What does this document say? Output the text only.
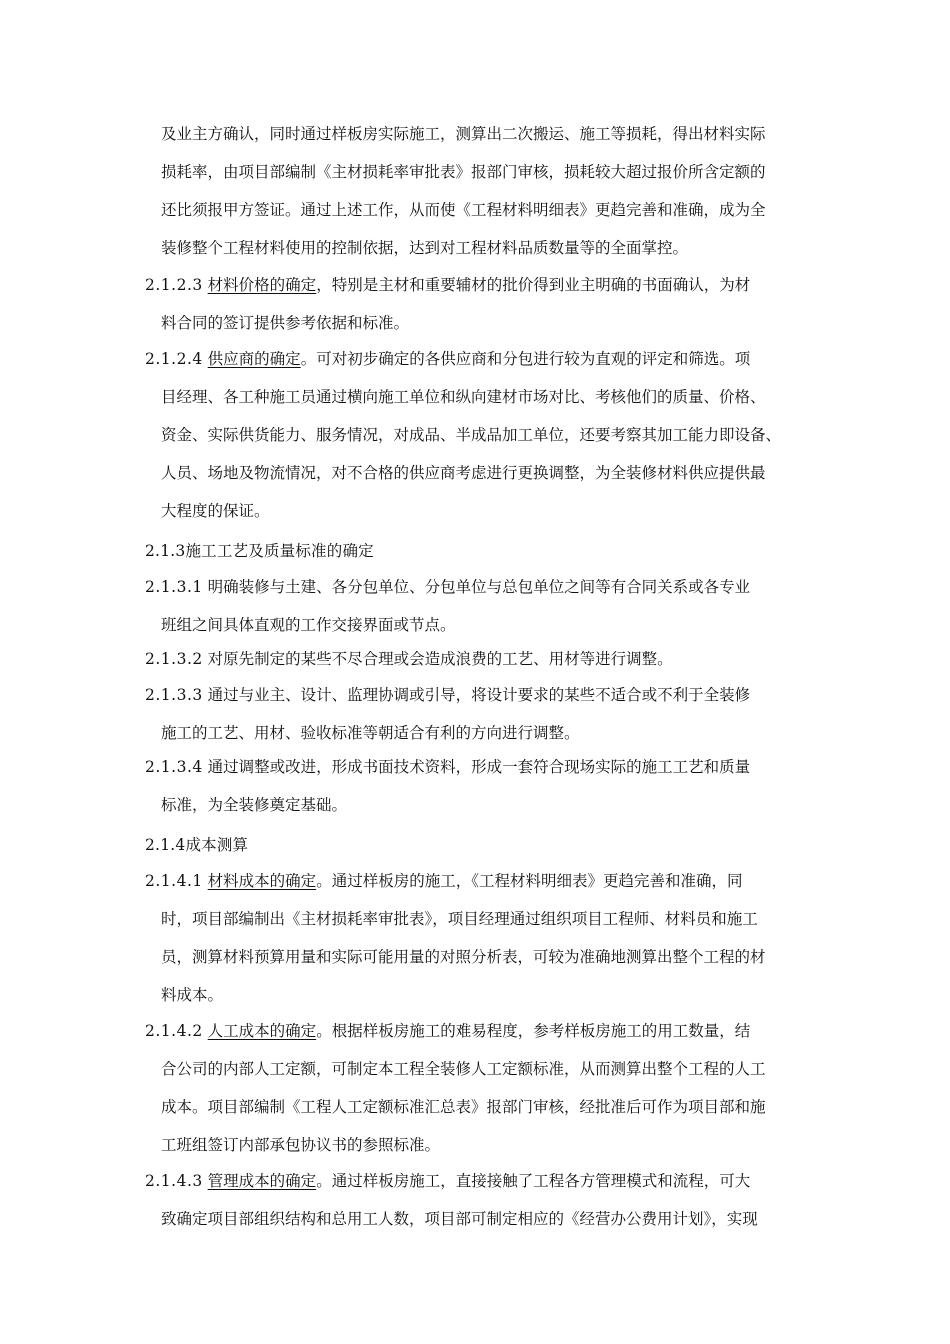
及业主方确认，同时通过样板房实际施工，测算出二次搬运、施工等损耗，得出材料实际
损耗率，由项目部编制《主材损耗率审批表》报部门审核，损耗较大超过报价所含定额的
还比须报甲方签证。通过上述工作，从而使《工程材料明细表》更趋完善和准确，成为全
装修整个工程材料使用的控制依据，达到对工程材料品质数量等的全面掌控。
2.1.2.3 材料价格的确定，特别是主材和重要辅材的批价得到业主明确的书面确认，为材
料合同的签订提供参考依据和标准。
2.1.2.4 供应商的确定。可对初步确定的各供应商和分包进行较为直观的评定和筛选。项
目经理、各工种施工员通过横向施工单位和纵向建材市场对比、考核他们的质量、价格、
资金、实际供货能力、服务情况，对成品、半成品加工单位，还要考察其加工能力即设备、
人员、场地及物流情况，对不合格的供应商考虑进行更换调整，为全装修材料供应提供最
大程度的保证。
2.1.3施工工艺及质量标准的确定
2.1.3.1 明确装修与土建、各分包单位、分包单位与总包单位之间等有合同关系或各专业
班组之间具体直观的工作交接界面或节点。
2.1.3.2 对原先制定的某些不尽合理或会造成浪费的工艺、用材等进行调整。
2.1.3.3 通过与业主、设计、监理协调或引导，将设计要求的某些不适合或不利于全装修
施工的工艺、用材、验收标准等朝适合有利的方向进行调整。
2.1.3.4 通过调整或改进，形成书面技术资料，形成一套符合现场实际的施工工艺和质量
标准，为全装修奠定基础。
2.1.4成本测算
2.1.4.1 材料成本的确定。通过样板房的施工，《工程材料明细表》更趋完善和准确，同
时，项目部编制出《主材损耗率审批表》，项目经理通过组织项目工程师、材料员和施工
员，测算材料预算用量和实际可能用量的对照分析表，可较为准确地测算出整个工程的材
料成本。
2.1.4.2 人工成本的确定。根据样板房施工的难易程度，参考样板房施工的用工数量，结
合公司的内部人工定额，可制定本工程全装修人工定额标准，从而测算出整个工程的人工
成本。项目部编制《工程人工定额标准汇总表》报部门审核，经批准后可作为项目部和施
工班组签订内部承包协议书的参照标准。
2.1.4.3 管理成本的确定。通过样板房施工，直接接触了工程各方管理模式和流程，可大
致确定项目部组织结构和总用工人数，项目部可制定相应的《经营办公费用计划》，实现
